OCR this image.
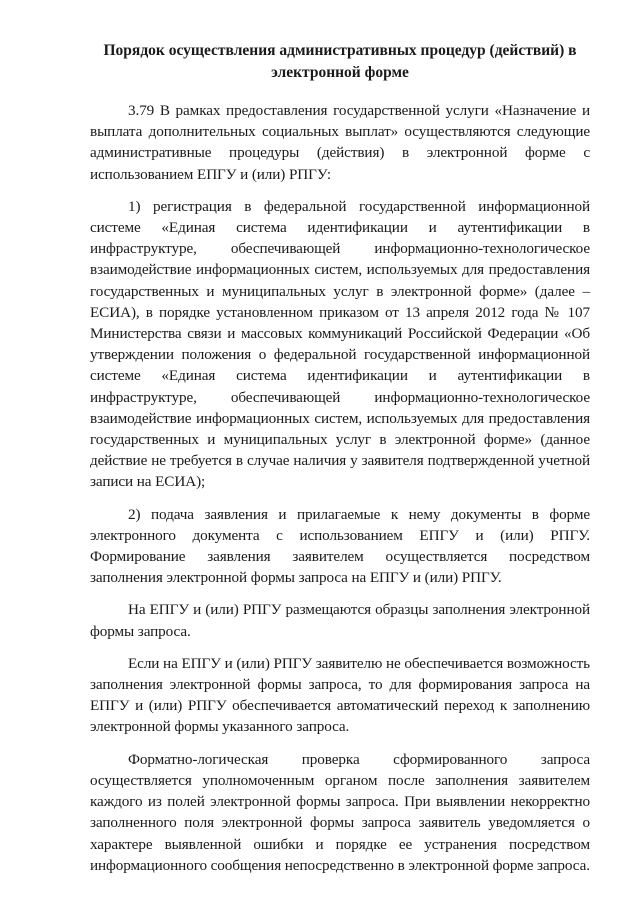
Порядок осуществления административных процедур (действий) в электронной форме

3.79 В рамках предоставления государственной услуги «Назначение и выплата дополнительных социальных выплат» осуществляются следующие административные процедуры (действия) в электронной форме с использованием ЕПГУ и (или) РПГУ:

1) регистрация в федеральной государственной информационной системе «Единая система идентификации и аутентификации в инфраструктуре, обеспечивающей информационно-технологическое взаимодействие информационных систем, используемых для предоставления государственных и муниципальных услуг в электронной форме» (далее – ЕСИА), в порядке установленном приказом от 13 апреля 2012 года № 107 Министерства связи и массовых коммуникаций Российской Федерации «Об утверждении положения о федеральной государственной информационной системе «Единая система идентификации и аутентификации в инфраструктуре, обеспечивающей информационно-технологическое взаимодействие информационных систем, используемых для предоставления государственных и муниципальных услуг в электронной форме» (данное действие не требуется в случае наличия у заявителя подтвержденной учетной записи на ЕСИА);

2) подача заявления и прилагаемые к нему документы в форме электронного документа с использованием ЕПГУ и (или) РПГУ. Формирование заявления заявителем осуществляется посредством заполнения электронной формы запроса на ЕПГУ и (или) РПГУ.

На ЕПГУ и (или) РПГУ размещаются образцы заполнения электронной формы запроса.

Если на ЕПГУ и (или) РПГУ заявителю не обеспечивается возможность заполнения электронной формы запроса, то для формирования запроса на ЕПГУ и (или) РПГУ обеспечивается автоматический переход к заполнению электронной формы указанного запроса.

Форматно-логическая проверка сформированного запроса осуществляется уполномоченным органом после заполнения заявителем каждого из полей электронной формы запроса. При выявлении некорректно заполненного поля электронной формы запроса заявитель уведомляется о характере выявленной ошибки и порядке ее устранения посредством информационного сообщения непосредственно в электронной форме запроса.
